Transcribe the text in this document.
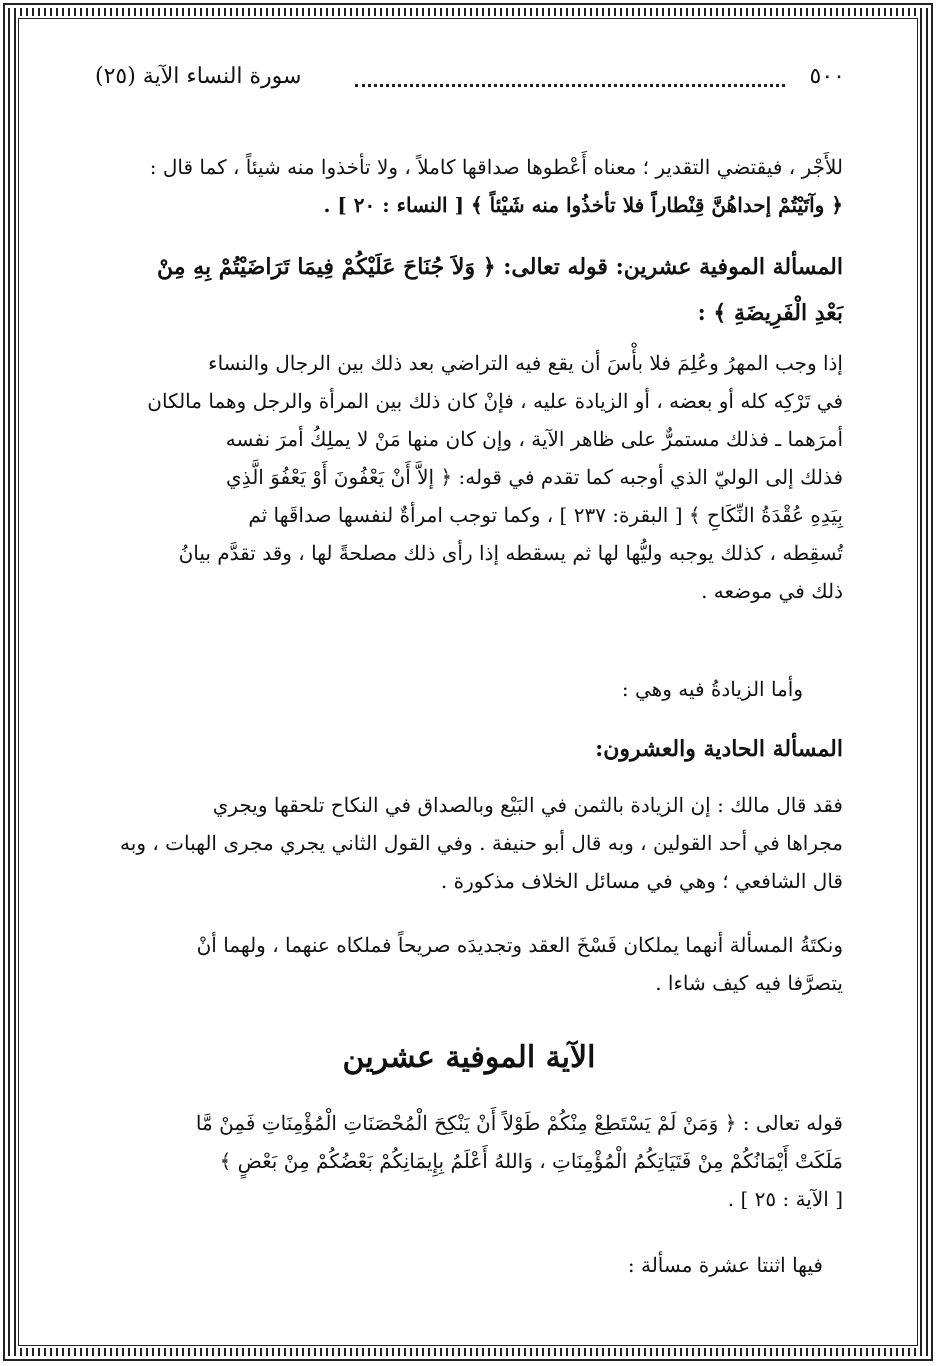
٥٠٠
سورة النساء الآية (٢٥)
للأَجْر ، فيقتضي التقدير ؛ معناه أَعْطوها صداقها كاملاً ، ولا تأخذوا منه شيئاً ، كما قال :
﴿ وآتَيْتُمْ إحداهُنَّ قِنْطاراً فلا تأخذُوا منه شَيْئاً ﴾ [ النساء : ٢٠ ] .
المسألة الموفية عشرين: قوله تعالى: ﴿ وَلاَ جُنَاحَ عَلَيْكُمْ فِيمَا تَرَاضَيْتُمْ بِهِ مِنْ
بَعْدِ الْفَرِيضَةِ ﴾ :
إذا وجب المهرُ وعُلِمَ فلا بأْسَ أن يقع فيه التراضي بعد ذلك بين الرجال والنساء
في تَرْكِه كله أو بعضه ، أو الزيادة عليه ، فإنْ كان ذلك بين المرأة والرجل وهما مالكان
أمرَهما ـ فذلك مستمرٌّ على ظاهر الآية ، وإن كان منها مَنْ لا يملِكُ أمرَ نفسه
فذلك إلى الوليّ الذي أوجبه كما تقدم في قوله: ﴿ إلاَّ أَنْ يَعْفُونَ أَوْ يَعْفُوَ الَّذِي
بِيَدِهِ عُقْدَةُ النِّكَاحِ ﴾ [ البقرة: ٢٣٧ ] ، وكما توجب امرأةٌ لنفسها صداقَها ثم
تُسقِطه ، كذلك يوجبه وليُّها لها ثم يسقطه إذا رأى ذلك مصلحةً لها ، وقد تقدَّم بيانُ
ذلك في موضعه .
وأما الزيادةُ فيه وهي :
المسألة الحادية والعشرون:
فقد قال مالك : إن الزيادة بالثمن في البَيْع وبالصداق في النكاح تلحقها ويجري
مجراها في أحد القولين ، وبه قال أبو حنيفة . وفي القول الثاني يجري مجرى الهبات ، وبه
قال الشافعي ؛ وهي في مسائل الخلاف مذكورة .
ونكتَةُ المسألة أنهما يملكان فَسْخَ العقد وتجديدَه صريحاً فملكاه عنهما ، ولهما أنْ
يتصرَّفا فيه كيف شاءا .
الآية الموفية عشرين
قوله تعالى : ﴿ وَمَنْ لَمْ يَسْتَطِعْ مِنْكُمْ طَوْلاً أَنْ يَنْكِحَ الْمُحْصَنَاتِ الْمُؤْمِنَاتِ فَمِنْ مَّا
مَلَكَتْ أَيْمَانُكُمْ مِنْ فَتَيَاتِكُمُ الْمُؤْمِنَاتِ ، وَاللهُ أَعْلَمُ بِإِيمَانِكُمْ بَعْضُكُمْ مِنْ بَعْضٍ ﴾
[ الآية : ٢٥ ] .
فيها اثنتا عشرة مسألة :
